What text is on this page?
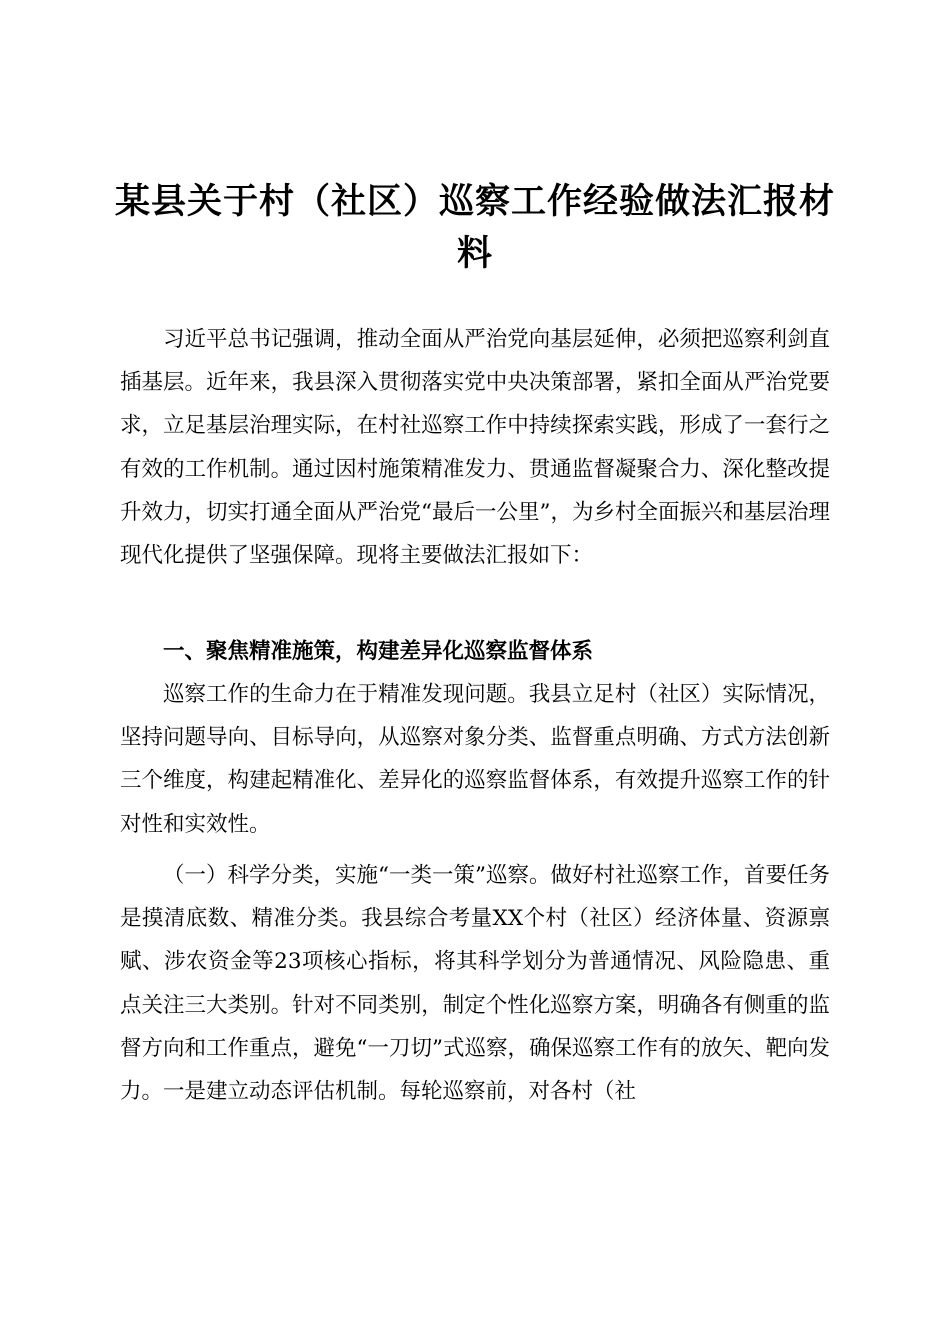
某县关于村（社区）巡察工作经验做法汇报材料

习近平总书记强调，推动全面从严治党向基层延伸，必须把巡察利剑直插基层。近年来，我县深入贯彻落实党中央决策部署，紧扣全面从严治党要求，立足基层治理实际，在村社巡察工作中持续探索实践，形成了一套行之有效的工作机制。通过因村施策精准发力、贯通监督凝聚合力、深化整改提升效力，切实打通全面从严治党“最后一公里”，为乡村全面振兴和基层治理现代化提供了坚强保障。现将主要做法汇报如下：

一、聚焦精准施策，构建差异化巡察监督体系

巡察工作的生命力在于精准发现问题。我县立足村（社区）实际情况，坚持问题导向、目标导向，从巡察对象分类、监督重点明确、方式方法创新三个维度，构建起精准化、差异化的巡察监督体系，有效提升巡察工作的针对性和实效性。

（一）科学分类，实施“一类一策”巡察。做好村社巡察工作，首要任务是摸清底数、精准分类。我县综合考量XX个村（社区）经济体量、资源禀赋、涉农资金等23项核心指标，将其科学划分为普通情况、风险隐患、重点关注三大类别。针对不同类别，制定个性化巡察方案，明确各有侧重的监督方向和工作重点，避免“一刀切”式巡察，确保巡察工作有的放矢、靶向发力。一是建立动态评估机制。每轮巡察前，对各村（社
